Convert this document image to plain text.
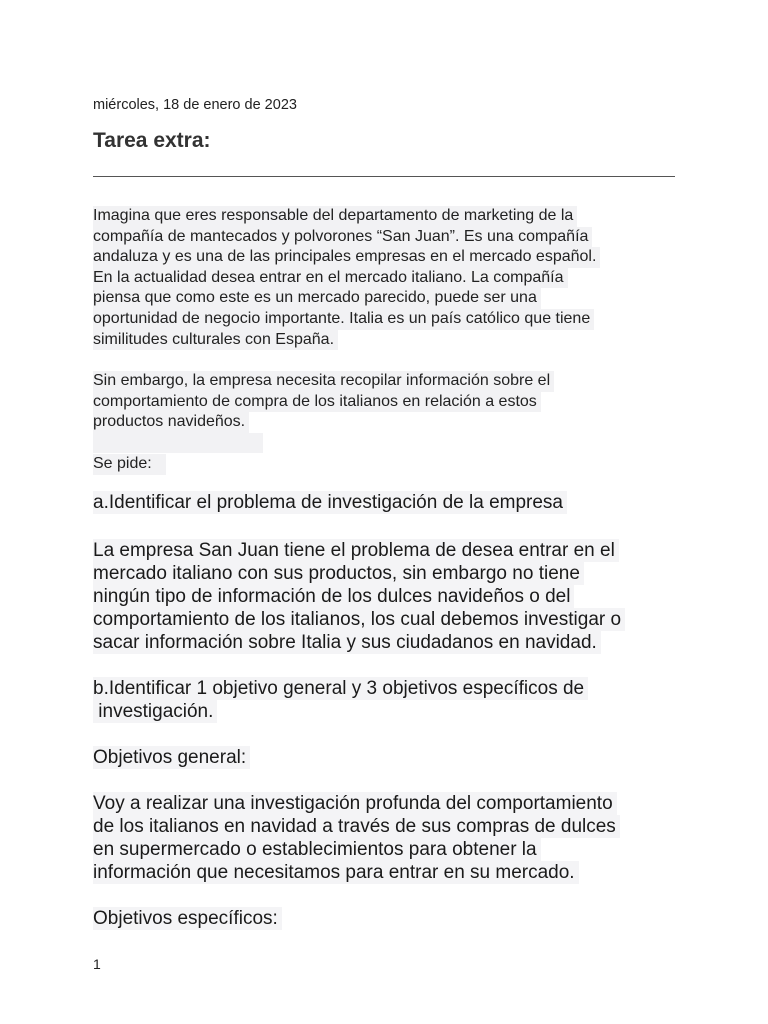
miércoles, 18 de enero de 2023
Tarea extra:
Imagina que eres responsable del departamento de marketing de la
compañía de mantecados y polvorones “San Juan”. Es una compañía
andaluza y es una de las principales empresas en el mercado español.
En la actualidad desea entrar en el mercado italiano. La compañía
piensa que como este es un mercado parecido, puede ser una
oportunidad de negocio importante. Italia es un país católico que tiene
similitudes culturales con España.
Sin embargo, la empresa necesita recopilar información sobre el
comportamiento de compra de los italianos en relación a estos
productos navideños.
Se pide:
a.Identificar el problema de investigación de la empresa
La empresa San Juan tiene el problema de desea entrar en el
mercado italiano con sus productos, sin embargo no tiene
ningún tipo de información de los dulces navideños o del
comportamiento de los italianos, los cual debemos investigar o
sacar información sobre Italia y sus ciudadanos en navidad.
b.Identificar 1 objetivo general y 3 objetivos específicos de
investigación.
Objetivos general:
Voy a realizar una investigación profunda del comportamiento
de los italianos en navidad a través de sus compras de dulces
en supermercado o establecimientos para obtener la
información que necesitamos para entrar en su mercado.
Objetivos específicos:
1
